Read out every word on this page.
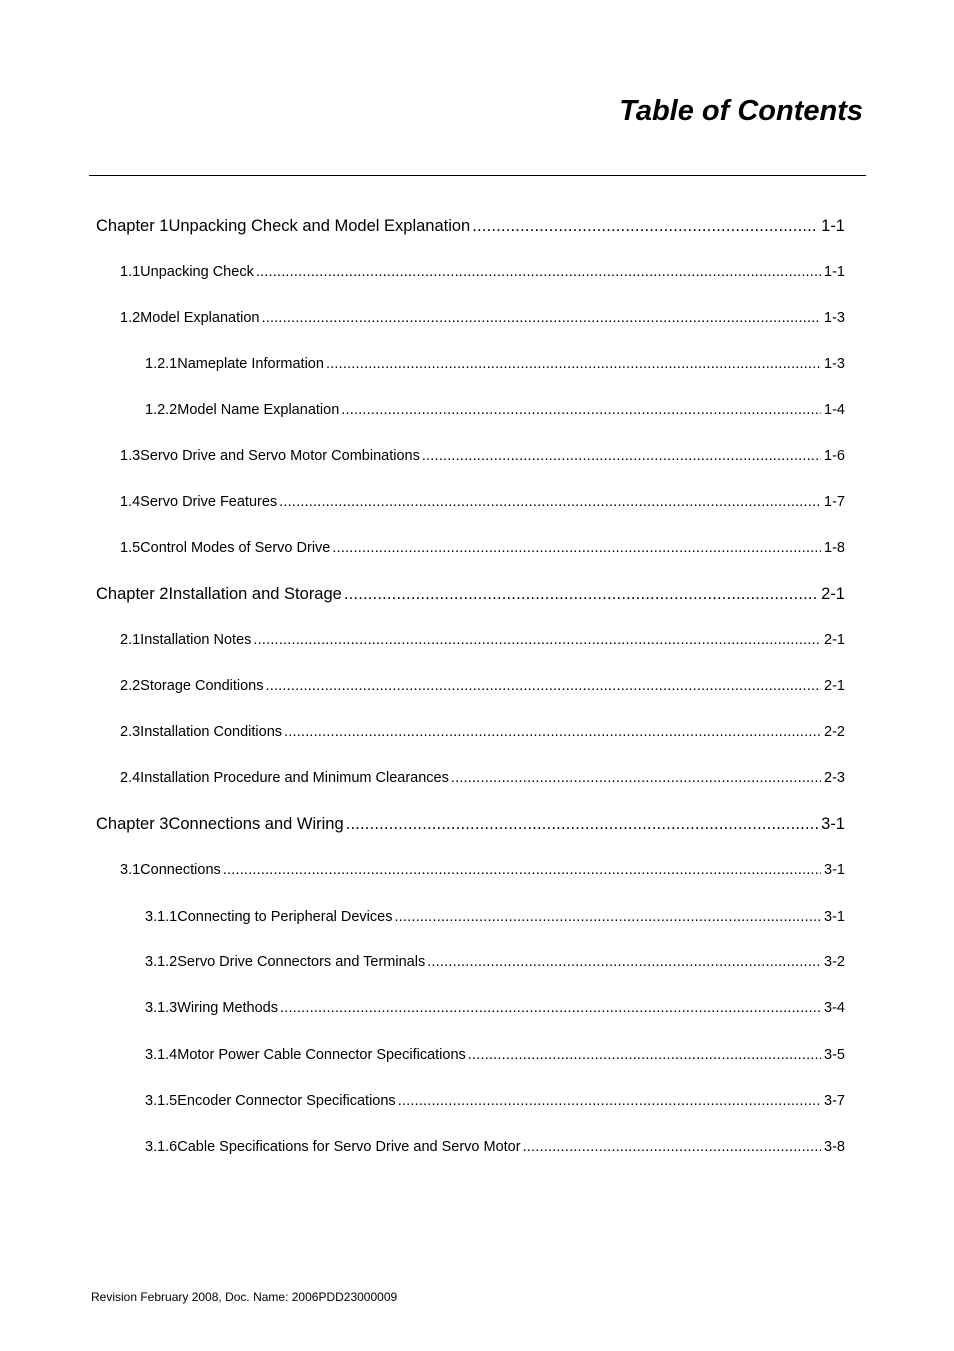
Table of Contents
Chapter 1 Unpacking Check and Model Explanation .....	1-1
1.1 Unpacking Check .....	1-1
1.2 Model Explanation .....	1-3
1.2.1 Nameplate Information .....	1-3
1.2.2 Model Name Explanation .....	1-4
1.3 Servo Drive and Servo Motor Combinations .....	1-6
1.4 Servo Drive Features .....	1-7
1.5 Control Modes of Servo Drive .....	1-8
Chapter 2 Installation and Storage .....	2-1
2.1 Installation Notes .....	2-1
2.2 Storage Conditions .....	2-1
2.3 Installation Conditions .....	2-2
2.4 Installation Procedure and Minimum Clearances .....	2-3
Chapter 3 Connections and Wiring .....	3-1
3.1 Connections .....	3-1
3.1.1 Connecting to Peripheral Devices .....	3-1
3.1.2 Servo Drive Connectors and Terminals .....	3-2
3.1.3 Wiring Methods .....	3-4
3.1.4 Motor Power Cable Connector Specifications .....	3-5
3.1.5 Encoder Connector Specifications .....	3-7
3.1.6 Cable Specifications for Servo Drive and Servo Motor .....	3-8
Revision February 2008, Doc. Name: 2006PDD23000009
